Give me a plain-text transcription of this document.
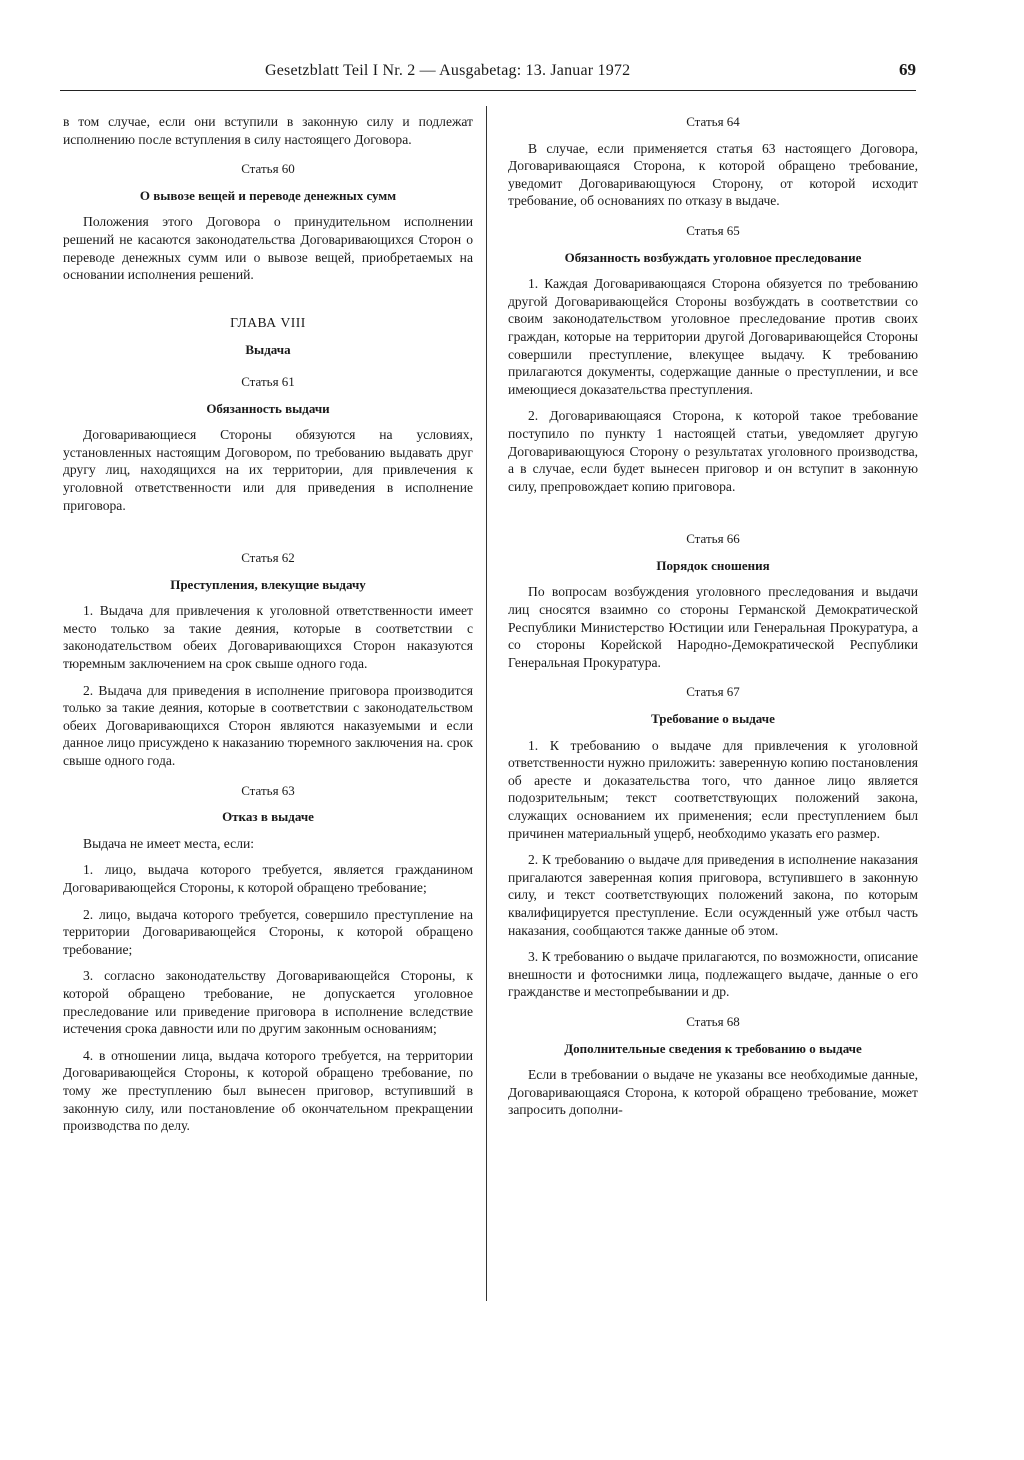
Gesetzblatt Teil I Nr. 2 — Ausgabetag: 13. Januar 1972	69

в том случае, если они вступили в законную силу и подлежат исполнению после вступления в силу настоящего Договора.

Статья 60
О вывозе вещей и переводе денежных сумм

Положения этого Договора о принудительном исполнении решений не касаются законодательства Договаривающихся Сторон о переводе денежных сумм или о вывозе вещей, приобретаемых на основании исполнения решений.

ГЛАВА VIII
Выдача
Статья 61
Обязанность выдачи

Договаривающиеся Стороны обязуются на условиях, установленных настоящим Договором, по требованию выдавать друг другу лиц, находящихся на их территории, для привлечения к уголовной ответственности или для приведения в исполнение приговора.

Статья 62
Преступления, влекущие выдачу

1. Выдача для привлечения к уголовной ответственности имеет место только за такие деяния, которые в соответствии с законодательством обеих Договаривающихся Сторон наказуются тюремным заключением на срок свыше одного года.

2. Выдача для приведения в исполнение приговора производится только за такие деяния, которые в соответствии с законодательством обеих Договаривающихся Сторон являются наказуемыми и если данное лицо присуждено к наказанию тюремного заключения на. срок свыше одного года.

Статья 63
Отказ в выдаче

Выдача не имеет места, если:

1. лицо, выдача которого требуется, является гражданином Договаривающейся Стороны, к которой обращено требование;

2. лицо, выдача которого требуется, совершило преступление на территории Договаривающейся Стороны, к которой обращено требование;

3. согласно законодательству Договаривающейся Стороны, к которой обращено требование, не допускается уголовное преследование или приведение приговора в исполнение вследствие истечения срока давности или по другим законным основаниям;

4. в отношении лица, выдача которого требуется, на территории Договаривающейся Стороны, к которой обращено требование, по тому же преступлению был вынесен приговор, вступивший в законную силу, или постановление об окончательном прекращении производства по делу.

Статья 64

В случае, если применяется статья 63 настоящего Договора, Договаривающаяся Сторона, к которой обращено требование, уведомит Договаривающуюся Сторону, от которой исходит требование, об основаниях по отказу в выдаче.

Статья 65
Обязанность возбуждать уголовное преследование

1. Каждая Договаривающаяся Сторона обязуется по требованию другой Договаривающейся Стороны возбуждать в соответствии со своим законодательством уголовное преследование против своих граждан, которые на территории другой Договаривающейся Стороны совершили преступление, влекущее выдачу. К требованию прилагаются документы, содержащие данные о преступлении, и все имеющиеся доказательства преступления.

2. Договаривающаяся Сторона, к которой такое требование поступило по пункту 1 настоящей статьи, уведомляет другую Договаривающуюся Сторону о результатах уголовного производства, а в случае, если будет вынесен приговор и он вступит в законную силу, препровождает копию приговора.

Статья 66
Порядок сношения

По вопросам возбуждения уголовного преследования и выдачи лиц сносятся взаимно со стороны Германской Демократической Республики Министерство Юстиции или Генеральная Прокуратура, а со стороны Корейской Народно-Демократической Республики Генеральная Прокуратура.

Статья 67
Требование о выдаче

1. К требованию о выдаче для привлечения к уголовной ответственности нужно приложить: заверенную копию постановления об аресте и доказательства того, что данное лицо является подозрительным; текст соответствующих положений закона, служащих основанием их применения; если преступлением был причинен материальный ущерб, необходимо указать его размер.

2. К требованию о выдаче для приведения в исполнение наказания пригалаются заверенная копия приговора, вступившего в законную силу, и текст соответствующих положений закона, по которым квалифицируется преступление. Если осужденный уже отбыл часть наказания, сообщаются также данные об этом.

3. К требованию о выдаче прилагаются, по возможности, описание внешности и фотоснимки лица, подлежащего выдаче, данные о его гражданстве и местопребывании и др.

Статья 68
Дополнительные сведения к требованию о выдаче

Если в требовании о выдаче не указаны все необходимые данные, Договаривающаяся Сторона, к которой обращено требование, может запросить дополни-
